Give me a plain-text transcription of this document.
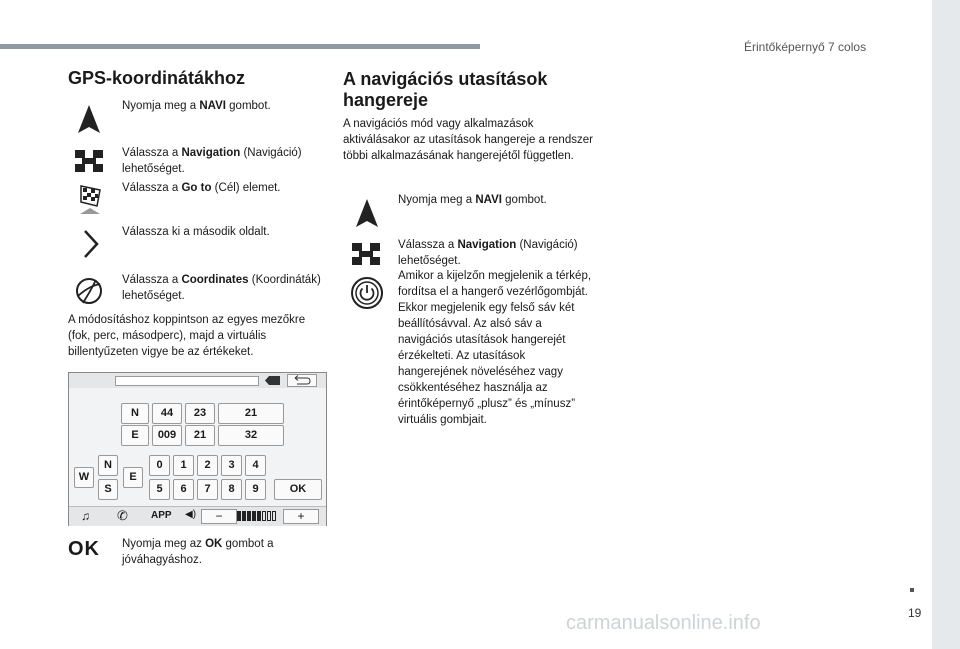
Érintőképernyő 7 colos
19
GPS-koordinátákhoz
Nyomja meg a NAVI gombot.
Válassza a Navigation (Navigáció) lehetőséget.
Válassza a Go to (Cél) elemet.
Válassza ki a második oldalt.
Válassza a Coordinates (Koordináták) lehetőséget.
A módosításhoz koppintson az egyes mezőkre (fok, perc, másodperc), majd a virtuális billentyűzeten vigye be az értékeket.
N	44	23	21
E	009	21	32
N
W	E
S
0	1	2	3	4
5	6	7	8	9	OK
♫ ✆ APP ◀)	−	+
OK Nyomja meg az OK gombot a jóváhagyáshoz.
A navigációs utasítások hangereje
A navigációs mód vagy alkalmazások aktiválásakor az utasítások hangereje a rendszer többi alkalmazásának hangerejétől független.
Nyomja meg a NAVI gombot.
Válassza a Navigation (Navigáció) lehetőséget.
Amikor a kijelzőn megjelenik a térkép, fordítsa el a hangerő vezérlőgombját. Ekkor megjelenik egy felső sáv két beállítósávval. Az alsó sáv a navigációs utasítások hangerejét érzékelteti. Az utasítások hangerejének növeléséhez vagy csökkentéséhez használja az érintőképernyő „plusz” és „mínusz” virtuális gombjait.
carmanualsonline.info
